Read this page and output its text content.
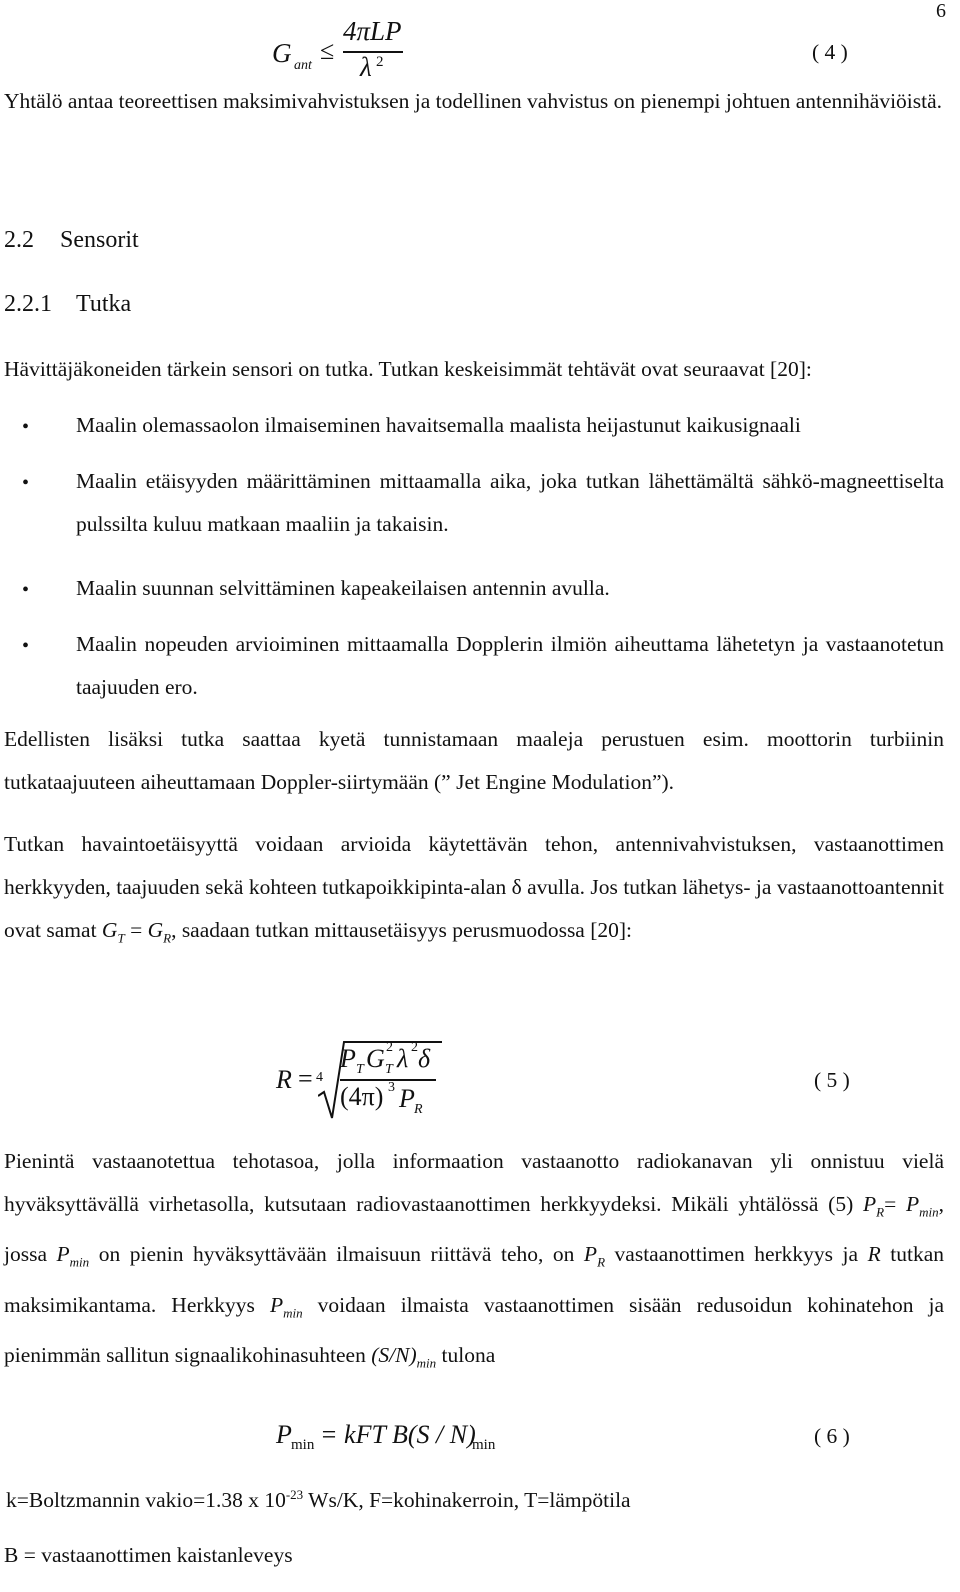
6
G ant
≤
4πLP
λ 2	( 4 )

Yhtälö antaa teoreettisen maksimivahvistuksen ja todellinen vahvistus on pienempi johtuen antennihäviöistä.

2.2 Sensorit
2.2.1 Tutka

Hävittäjäkoneiden tärkein sensori on tutka. Tutkan keskeisimmät tehtävät ovat seuraavat [20]:

• Maalin olemassaolon ilmaiseminen havaitsemalla maalista heijastunut kaikusignaali

• Maalin etäisyyden määrittäminen mittaamalla aika, joka tutkan lähettämältä sähkö-magneettiselta pulssilta kuluu matkaan maaliin ja takaisin.

• Maalin suunnan selvittäminen kapeakeilaisen antennin avulla.

• Maalin nopeuden arvioiminen mittaamalla Dopplerin ilmiön aiheuttama lähetetyn ja vastaanotetun taajuuden ero.

Edellisten lisäksi tutka saattaa kyetä tunnistamaan maaleja perustuen esim. moottorin turbiinin tutkataajuuteen aiheuttamaan Doppler-siirtymään (” Jet Engine Modulation”).

Tutkan havaintoetäisyyttä voidaan arvioida käytettävän tehon, antennivahvistuksen, vastaanottimen herkkyyden, taajuuden sekä kohteen tutkapoikkipinta-alan δ avulla. Jos tutkan lähetys- ja vastaanottoantennit ovat samat $G_T = G_R$, saadaan tutkan mittausetäisyys perusmuodossa [20]:

R = 4
P T G 2
T λ 2 δ
(4π) 3 P R
( 5 )

Pienintä vastaanotettua tehotasoa, jolla informaation vastaanotto radiokanavan yli onnistuu vielä hyväksyttävällä virhetasolla, kutsutaan radiovastaanottimen herkkyydeksi. Mikäli yhtälössä (5) $P_R= P_{min}$, jossa $P_{min}$ on pienin hyväksyttävään ilmaisuun riittävä teho, on $P_R$ vastaanottimen herkkyys ja R tutkan maksimikantama. Herkkyys $P_{min}$ voidaan ilmaista vastaanottimen sisään redusoidun kohinatehon ja pienimmän sallitun signaalikohinasuhteen $(S/N)_{min}$ tulona

P min = kFT B(S / N)
min	( 6 )
k=Boltzmannin vakio=1.38 x $10^{-23}$ Ws/K, F=kohinakerroin, T=lämpötila
B = vastaanottimen kaistanleveys
